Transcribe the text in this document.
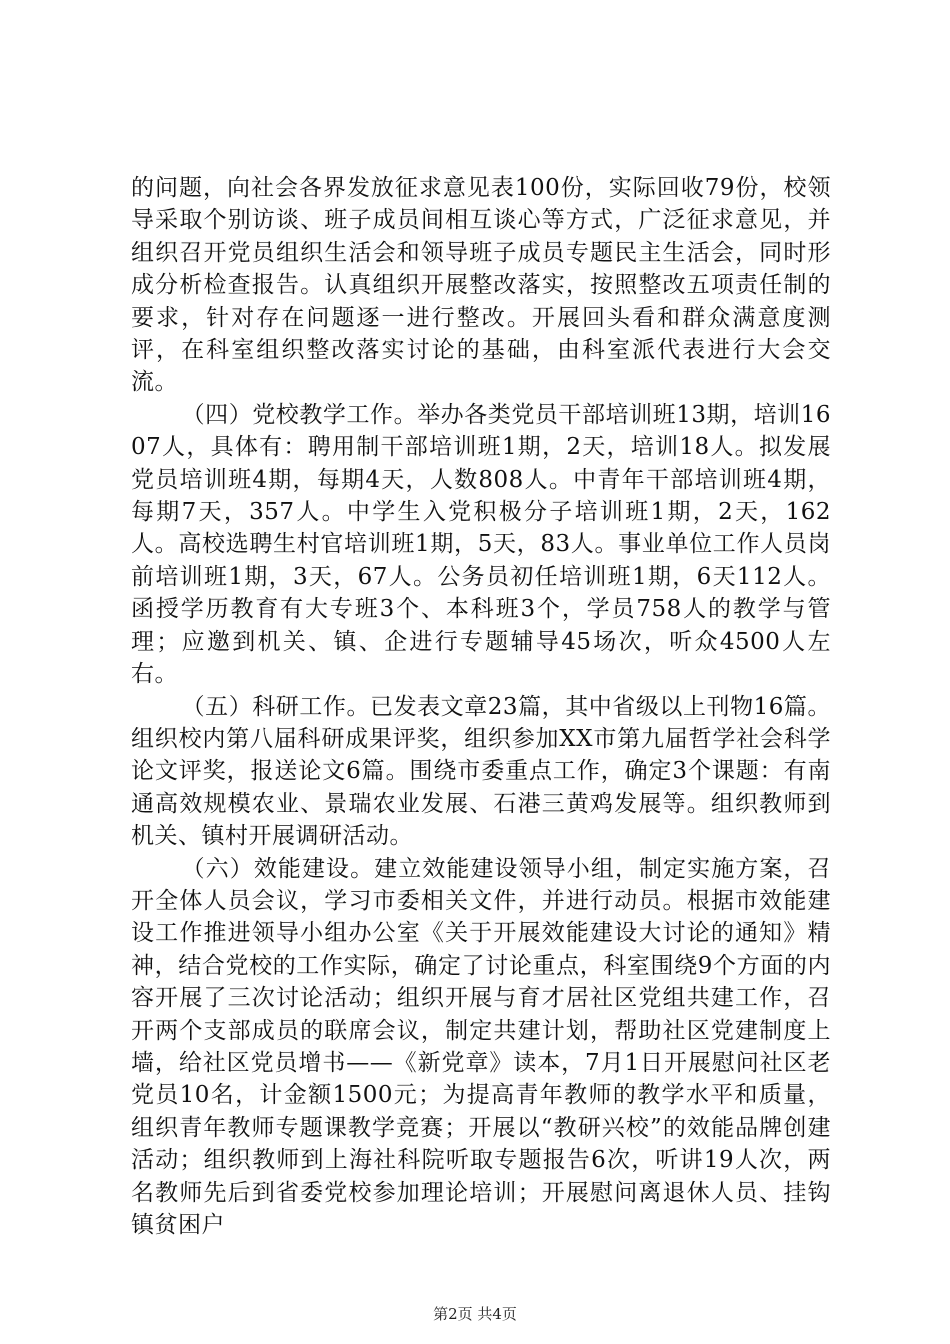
的问题，向社会各界发放征求意见表100份，实际回收79份，校领导采取个别访谈、班子成员间相互谈心等方式，广泛征求意见，并组织召开党员组织生活会和领导班子成员专题民主生活会，同时形成分析检查报告。认真组织开展整改落实，按照整改五项责任制的要求，针对存在问题逐一进行整改。开展回头看和群众满意度测评，在科室组织整改落实讨论的基础，由科室派代表进行大会交流。

（四）党校教学工作。举办各类党员干部培训班13期，培训1607人，具体有：聘用制干部培训班1期，2天，培训18人。拟发展党员培训班4期，每期4天，人数808人。中青年干部培训班4期，每期7天，357人。中学生入党积极分子培训班1期，2天，162人。高校选聘生村官培训班1期，5天，83人。事业单位工作人员岗前培训班1期，3天，67人。公务员初任培训班1期，6天112人。函授学历教育有大专班3个、本科班3个，学员758人的教学与管理；应邀到机关、镇、企进行专题辅导45场次，听众4500人左右。

（五）科研工作。已发表文章23篇，其中省级以上刊物16篇。组织校内第八届科研成果评奖，组织参加XX市第九届哲学社会科学论文评奖，报送论文6篇。围绕市委重点工作，确定3个课题：有南通高效规模农业、景瑞农业发展、石港三黄鸡发展等。组织教师到机关、镇村开展调研活动。

（六）效能建设。建立效能建设领导小组，制定实施方案，召开全体人员会议，学习市委相关文件，并进行动员。根据市效能建设工作推进领导小组办公室《关于开展效能建设大讨论的通知》精神，结合党校的工作实际，确定了讨论重点，科室围绕9个方面的内容开展了三次讨论活动；组织开展与育才居社区党组共建工作，召开两个支部成员的联席会议，制定共建计划，帮助社区党建制度上墙，给社区党员增书——《新党章》读本，7月1日开展慰问社区老党员10名，计金额1500元；为提高青年教师的教学水平和质量，组织青年教师专题课教学竞赛；开展以“教研兴校”的效能品牌创建活动；组织教师到上海社科院听取专题报告6次，听讲19人次，两名教师先后到省委党校参加理论培训；开展慰问离退休人员、挂钩镇贫困户

第2页 共4页
